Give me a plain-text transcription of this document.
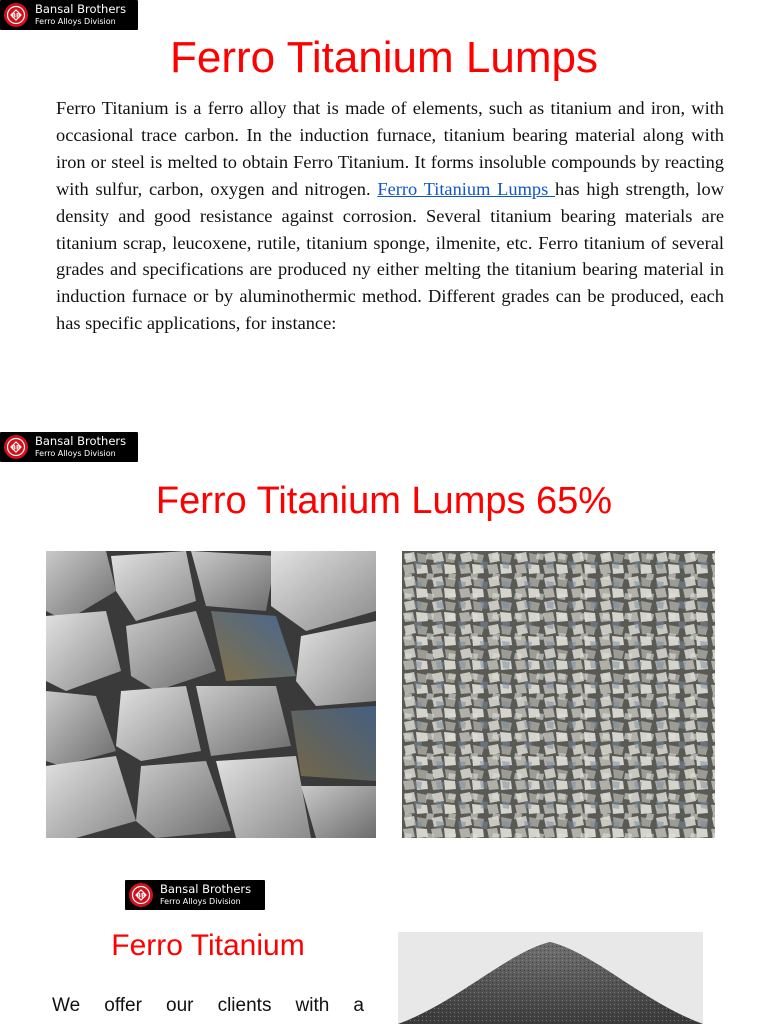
Bansal Brothers
Ferro Alloys Division
Ferro Titanium Lumps

Ferro Titanium is a ferro alloy that is made of elements, such as titanium and iron, with occasional trace carbon. In the induction furnace, titanium bearing material along with iron or steel is melted to obtain Ferro Titanium. It forms insoluble compounds by reacting with sulfur, carbon, oxygen and nitrogen. Ferro Titanium Lumps has high strength, low density and good resistance against corrosion. Several titanium bearing materials are titanium scrap, leucoxene, rutile, titanium sponge, ilmenite, etc. Ferro titanium of several grades and specifications are produced ny either melting the titanium bearing material in induction furnace or by aluminothermic method. Different grades can be produced, each has specific applications, for instance:

Bansal Brothers
Ferro Alloys Division
Ferro Titanium Lumps 65%
Bansal Brothers
Ferro Alloys Division
Ferro Titanium

We offer our clients with a
